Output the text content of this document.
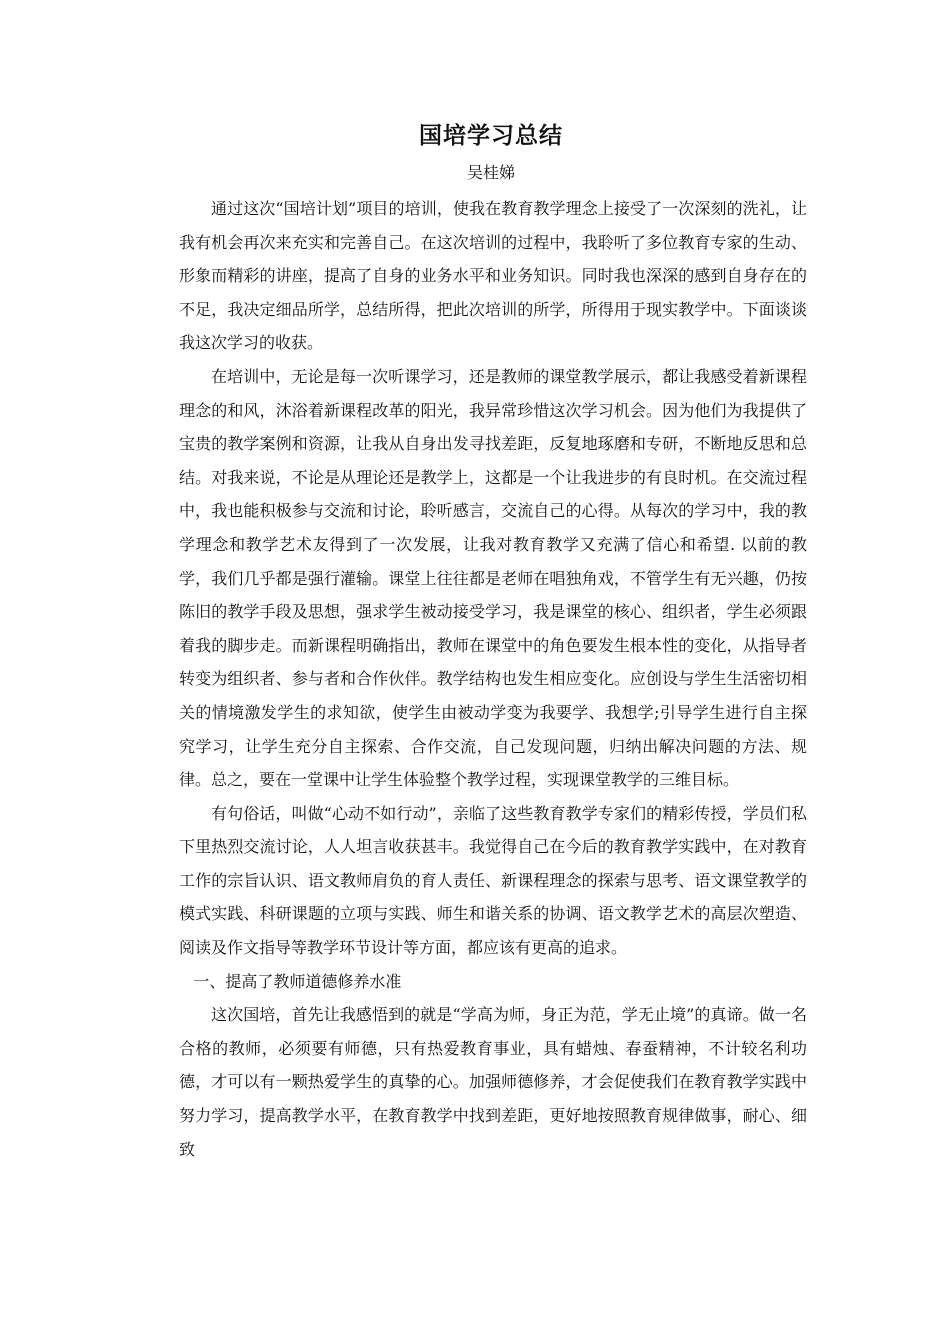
国培学习总结
吴桂娣

通过这次“国培计划”项目的培训，使我在教育教学理念上接受了一次深刻的洗礼，让我有机会再次来充实和完善自己。在这次培训的过程中，我聆听了多位教育专家的生动、形象而精彩的讲座，提高了自身的业务水平和业务知识。同时我也深深的感到自身存在的不足，我决定细品所学，总结所得，把此次培训的所学，所得用于现实教学中。下面谈谈我这次学习的收获。

在培训中，无论是每一次听课学习，还是教师的课堂教学展示，都让我感受着新课程理念的和风，沐浴着新课程改革的阳光，我异常珍惜这次学习机会。因为他们为我提供了宝贵的教学案例和资源，让我从自身出发寻找差距，反复地琢磨和专研，不断地反思和总结。对我来说，不论是从理论还是教学上，这都是一个让我进步的有良时机。在交流过程中，我也能积极参与交流和讨论，聆听感言，交流自己的心得。从每次的学习中，我的教学理念和教学艺术友得到了一次发展，让我对教育教学又充满了信心和希望. 以前的教学，我们几乎都是强行灌输。课堂上往往都是老师在唱独角戏，不管学生有无兴趣，仍按陈旧的教学手段及思想，强求学生被动接受学习，我是课堂的核心、组织者，学生必须跟着我的脚步走。而新课程明确指出，教师在课堂中的角色要发生根本性的变化，从指导者转变为组织者、参与者和合作伙伴。教学结构也发生相应变化。应创设与学生生活密切相关的情境激发学生的求知欲，使学生由被动学变为我要学、我想学;引导学生进行自主探究学习，让学生充分自主探索、合作交流，自己发现问题，归纳出解决问题的方法、规律。总之，要在一堂课中让学生体验整个教学过程，实现课堂教学的三维目标。

有句俗话，叫做“心动不如行动”，亲临了这些教育教学专家们的精彩传授，学员们私下里热烈交流讨论，人人坦言收获甚丰。我觉得自己在今后的教育教学实践中，在对教育工作的宗旨认识、语文教师肩负的育人责任、新课程理念的探索与思考、语文课堂教学的模式实践、科研课题的立项与实践、师生和谐关系的协调、语文教学艺术的高层次塑造、阅读及作文指导等教学环节设计等方面，都应该有更高的追求。

一、提高了教师道德修养水准

这次国培，首先让我感悟到的就是“学高为师，身正为范，学无止境”的真谛。做一名合格的教师，必须要有师德，只有热爱教育事业，具有蜡烛、春蚕精神，不计较名利功德，才可以有一颗热爱学生的真挚的心。加强师德修养，才会促使我们在教育教学实践中努力学习，提高教学水平，在教育教学中找到差距，更好地按照教育规律做事，耐心、细致
